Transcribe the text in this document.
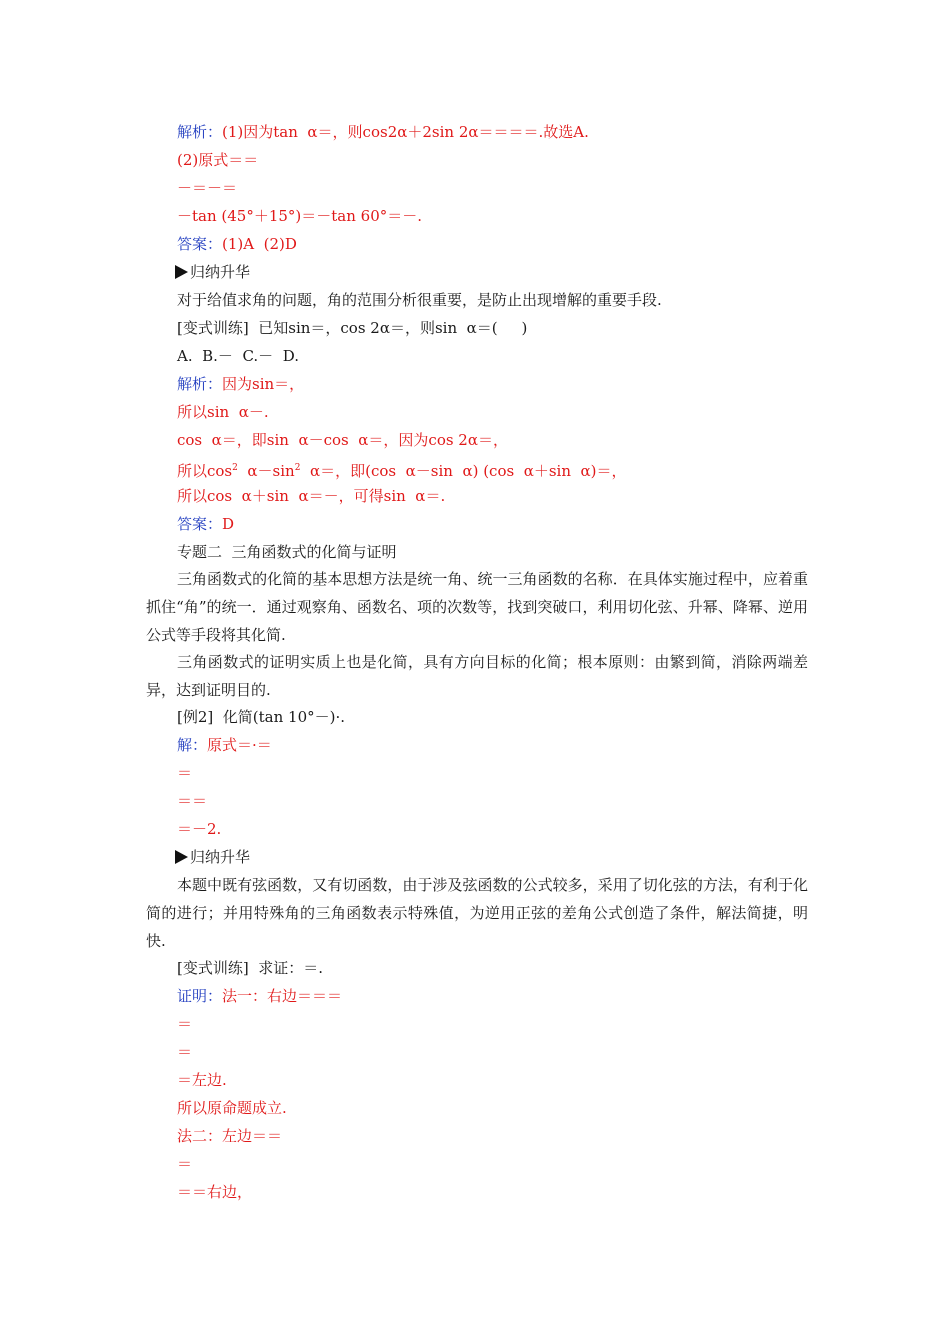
解析：(1)因为tan  α＝，则cos2α＋2sin 2α＝＝＝＝.故选A.
(2)原式＝＝
－＝－＝
－tan (45°＋15°)＝－tan 60°＝－.
答案：(1)A  (2)D
归纳升华
对于给值求角的问题，角的范围分析很重要，是防止出现增解的重要手段.
[变式训练]  已知sin＝，cos 2α＝，则sin  α＝(     )
A.  B.－  C.－  D.
解析：因为sin＝，
所以sin  α－.
cos  α＝，即sin  α－cos  α＝，因为cos 2α＝，
所以$\cos^2 \alpha-\sin^2$  α＝，即(cos  α－sin  α) (cos  α＋sin  α)＝，
所以cos  α＋sin  α＝－，可得sin  α＝.
答案：D
专题二  三角函数式的化简与证明
三角函数式的化简的基本思想方法是统一角、统一三角函数的名称．在具体实施过程中，应着重抓住“角”的统一．通过观察角、函数名、项的次数等，找到突破口，利用切化弦、升幂、降幂、逆用公式等手段将其化简.
三角函数式的证明实质上也是化简，具有方向目标的化简；根本原则：由繁到简，消除两端差异，达到证明目的.
[例2]  化简(tan 10°－)·.
解：原式＝·＝
＝
＝＝
＝－2.
归纳升华
本题中既有弦函数，又有切函数，由于涉及弦函数的公式较多，采用了切化弦的方法，有利于化简的进行；并用特殊角的三角函数表示特殊值，为逆用正弦的差角公式创造了条件，解法简捷，明快.
[变式训练]  求证：＝.
证明：法一：右边＝＝＝
＝
＝
＝左边.
所以原命题成立.
法二：左边＝＝
＝
＝＝右边，
